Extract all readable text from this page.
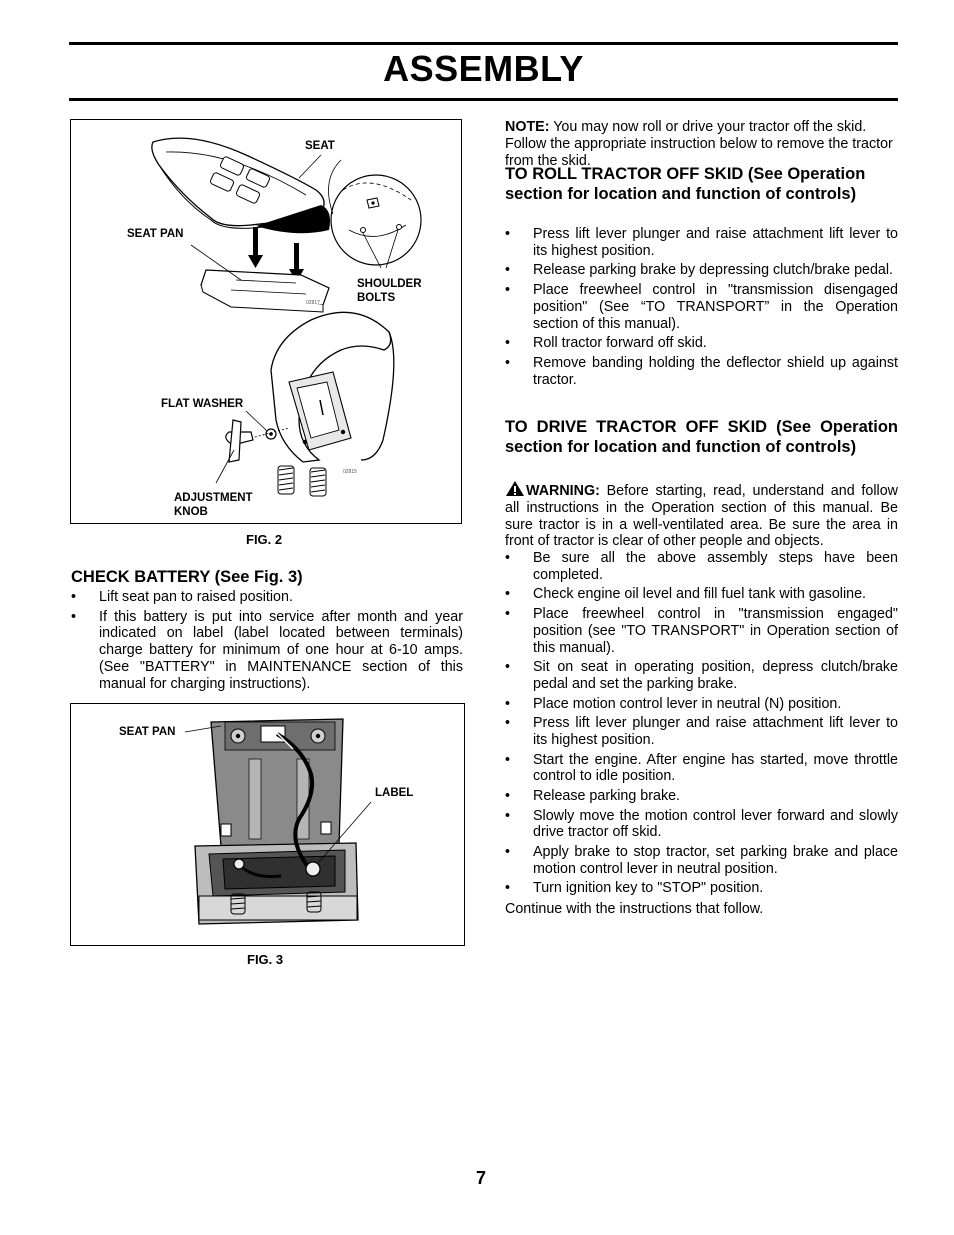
ASSEMBLY
02817
02815
SEAT
SEAT PAN
SHOULDER
BOLTS
FLAT WASHER
ADJUSTMENT
KNOB
FIG. 2
CHECK BATTERY (See Fig. 3)
• Lift seat pan to raised position.
• If this battery is put into service after month and year indicated on label (label located between terminals) charge battery for minimum of one hour at 6-10 amps. (See "BATTERY" in MAINTENANCE section of this manual for charging instructions).
SEAT PAN
LABEL
FIG. 3

NOTE: You may now roll or drive your tractor off the skid. Follow the appropriate instruction below to remove the tractor from the skid.

TO ROLL TRACTOR OFF SKID (See Operation section for location and function of controls)
• Press lift lever plunger and raise attachment lift lever to its highest position.
• Release parking brake by depressing clutch/brake pedal.
• Place freewheel control in "transmission disengaged position" (See “TO TRANSPORT” in the Operation section of this manual).
• Roll tractor forward off skid.
• Remove banding holding the deflector shield up against tractor.
TO DRIVE TRACTOR OFF SKID (See Operation section for location and function of controls)

WARNING: Before starting, read, understand and follow all instructions in the Operation section of this manual. Be sure tractor is in a well-ventilated area. Be sure the area in front of tractor is clear of other people and objects.

• Be sure all the above assembly steps have been completed.
• Check engine oil level and fill fuel tank with gasoline.
• Place freewheel control in "transmission engaged" position (see "TO TRANSPORT" in Operation section of this manual).
• Sit on seat in operating position, depress clutch/brake pedal and set the parking brake.
• Place motion control lever in neutral (N) position.
• Press lift lever plunger and raise attachment lift lever to its highest position.
• Start the engine. After engine has started, move throttle control to idle position.
• Release parking brake.
• Slowly move the motion control lever forward and slowly drive tractor off skid.
• Apply brake to stop tractor, set parking brake and place motion control lever in neutral position.
• Turn ignition key to "STOP" position.

Continue with the instructions that follow.

7
